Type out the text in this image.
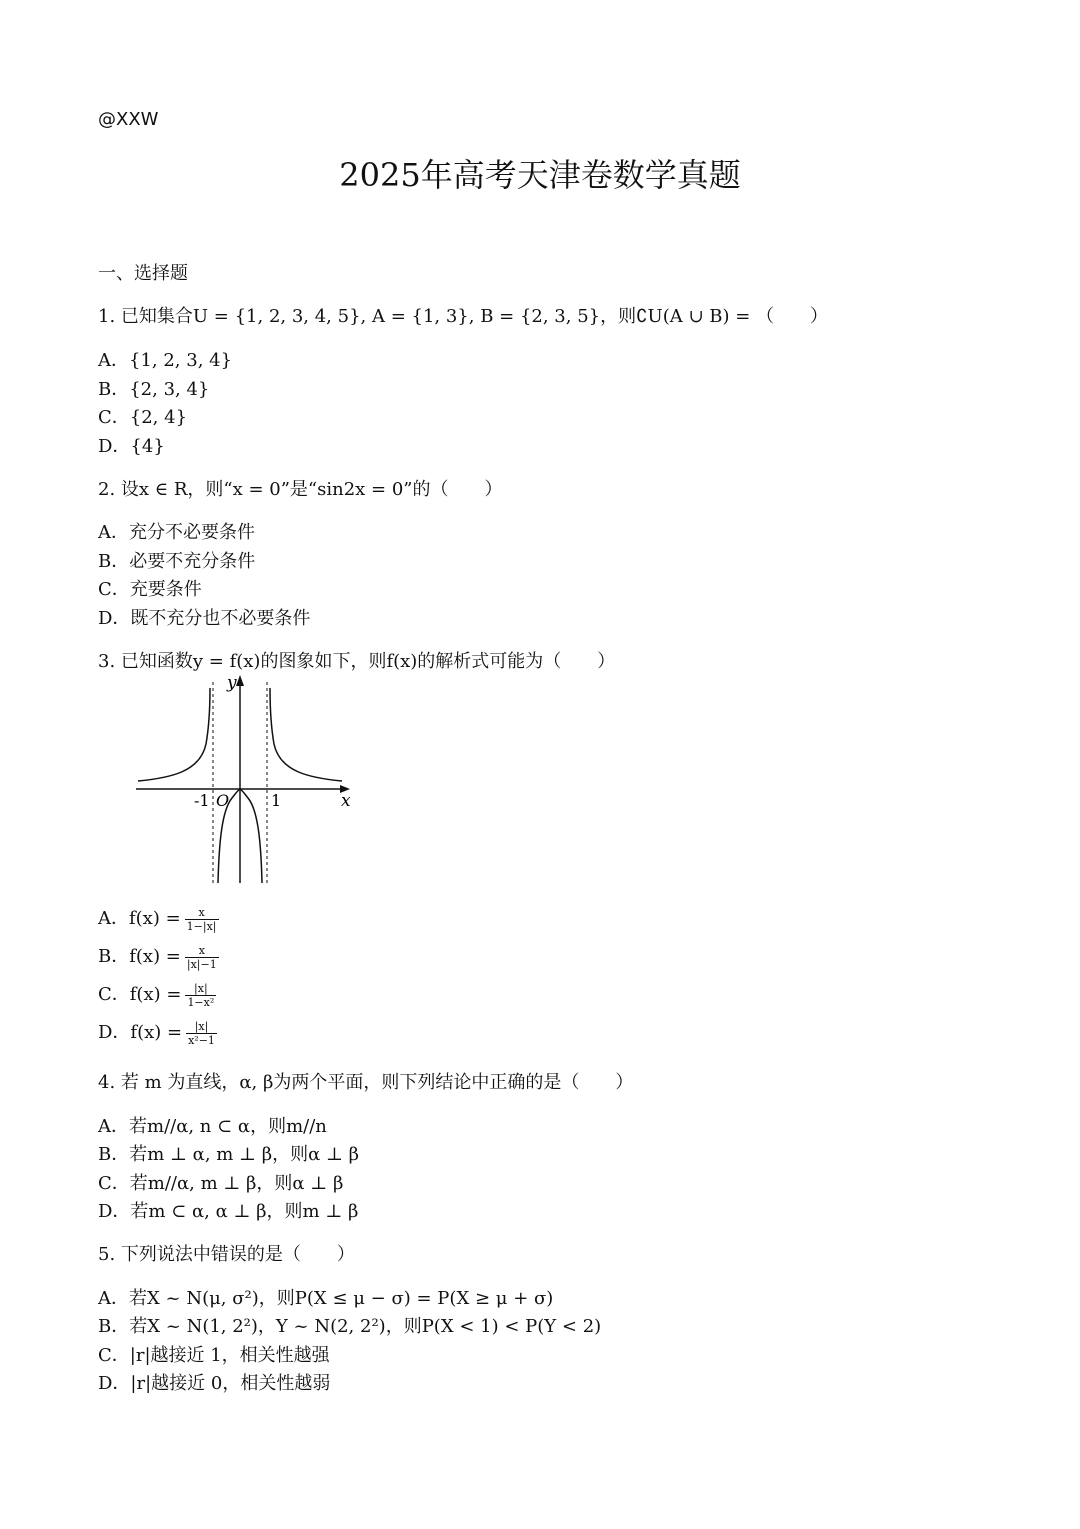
@XXW
2025年高考天津卷数学真题
一、选择题
1. 已知集合U = {1, 2, 3, 4, 5}, A = {1, 3}, B = {2, 3, 5}，则∁U(A ∪ B) = （　　）
A．{1, 2, 3, 4}
B．{2, 3, 4}
C．{2, 4}
D．{4}
2. 设x ∈ R，则“x = 0”是“sin2x = 0”的（　　）
A．充分不必要条件
B．必要不充分条件
C．充要条件
D．既不充分也不必要条件
3. 已知函数y = f(x)的图象如下，则f(x)的解析式可能为（　　）
y
x
-1 O	1
A．$f(x) = \frac{x}{1-|x|}$
B．$f(x) = \frac{x}{|x|-1}$
C．$f(x) = \frac{|x|}{\text{1−x²}}$
D．$f(x) = \frac{|x|}{\text{x²−1}}$
4. 若 m 为直线，α, β为两个平面，则下列结论中正确的是（　　）
A．若m//α, n ⊂ α，则m//n
B．若m ⊥ α, m ⊥ β，则α ⊥ β
C．若m//α, m ⊥ β，则α ⊥ β
D．若m ⊂ α, α ⊥ β，则m ⊥ β
5. 下列说法中错误的是（　　）
A．若X ~ N(μ, σ²)，则P(X ≤ μ − σ) = P(X ≥ μ + σ)
B．若X ~ N(1, 2²)，Y ~ N(2, 2²)，则P(X < 1) < P(Y < 2)
C．|r|越接近 1，相关性越强
D．|r|越接近 0，相关性越弱
